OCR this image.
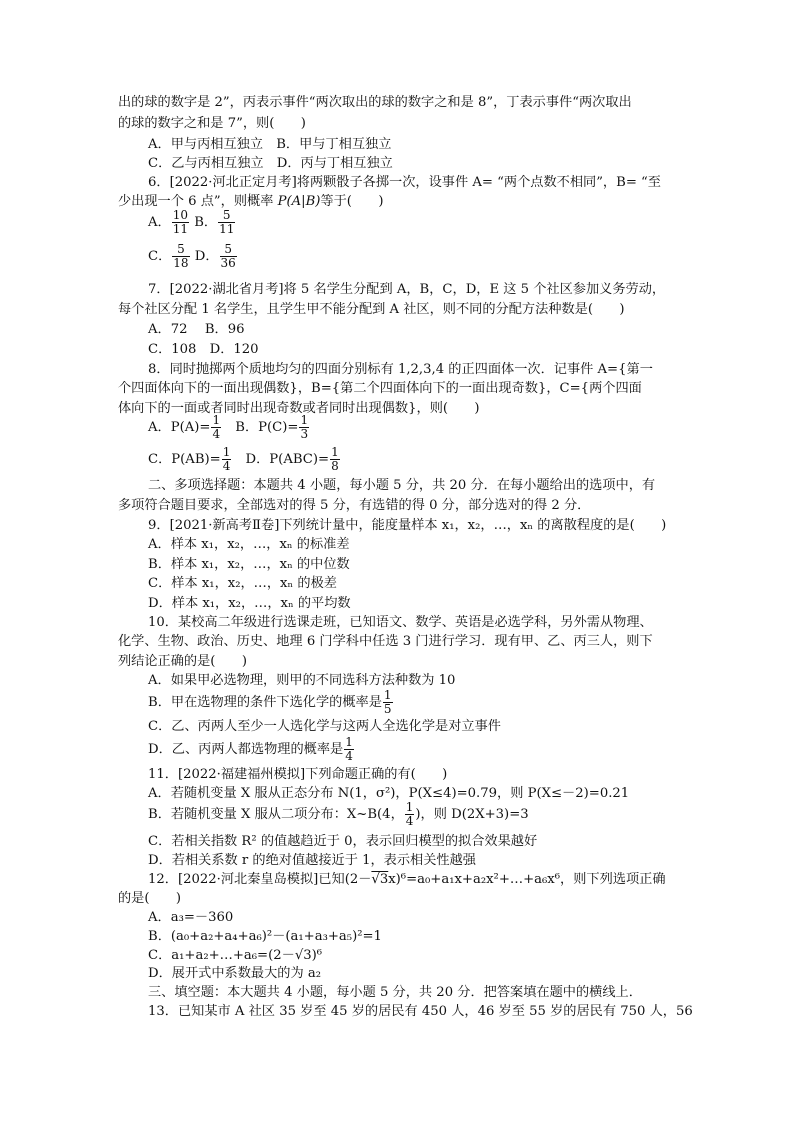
出的球的数字是 2”，丙表示事件“两次取出的球的数字之和是 8”，丁表示事件“两次取出
的球的数字之和是 7”，则(　　)
A．甲与丙相互独立　B．甲与丁相互独立
C．乙与丙相互独立　D．丙与丁相互独立
6．[2022·河北正定月考]将两颗骰子各掷一次，设事件 A= “两个点数不相同”，B= “至
少出现一个 6 点”，则概率 P(A|B)等于(　　)
A． $\frac{10}{11}$ B． $\frac{5}{11}$
C． $\frac{5}{18}$ D． $\frac{5}{36}$
7．[2022·湖北省月考]将 5 名学生分配到 A，B，C，D，E 这 5 个社区参加义务劳动，
每个社区分配 1 名学生，且学生甲不能分配到 A 社区，则不同的分配方法种数是(　　)
A．72　 B．96
C．108　D．120
8．同时抛掷两个质地均匀的四面分别标有 1,2,3,4 的正四面体一次．记事件 A={第一
个四面体向下的一面出现偶数}，B={第二个四面体向下的一面出现奇数}，C={两个四面
体向下的一面或者同时出现奇数或者同时出现偶数}，则(　　)
A．$P(A)= \frac{1}{4}$ 　B．$P(C)= \frac{1}{3}$
C．$P(AB)= \frac{1}{4}$ 　D．$P(ABC)= \frac{1}{8}$
二、多项选择题：本题共 4 小题，每小题 5 分，共 20 分．在每小题给出的选项中，有
多项符合题目要求，全部选对的得 5 分，有选错的得 0 分，部分选对的得 2 分．
9．[2021·新高考Ⅱ卷]下列统计量中，能度量样本 x₁，x₂，…，xₙ 的离散程度的是(　　)
A．样本 x₁，x₂，…，xₙ 的标准差
B．样本 x₁，x₂，…，xₙ 的中位数
C．样本 x₁，x₂，…，xₙ 的极差
D．样本 x₁，x₂，…，xₙ 的平均数
10．某校高二年级进行选课走班，已知语文、数学、英语是必选学科，另外需从物理、
化学、生物、政治、历史、地理 6 门学科中任选 3 门进行学习．现有甲、乙、丙三人，则下
列结论正确的是(　　)
A．如果甲必选物理，则甲的不同选科方法种数为 10
B．甲在选物理的条件下选化学的概率是 $\frac{1}{5}$
C．乙、丙两人至少一人选化学与这两人全选化学是对立事件
D．乙、丙两人都选物理的概率是 $\frac{1}{4}$
11．[2022·福建福州模拟]下列命题正确的有(　　)
A．若随机变量 X 服从正态分布 N(1，σ²)，P(X≤4)=0.79，则 P(X≤－2)=0.21
B．若随机变量 X 服从二项分布：X~B(4， $\frac{1}{4}$ )，则 D(2X+3)=3
C．若相关指数 R² 的值越趋近于 0，表示回归模型的拟合效果越好
D．若相关系数 r 的绝对值越接近于 1，表示相关性越强
12．[2022·河北秦皇岛模拟]已知(2－√3x)⁶=a₀+a₁x+a₂x²+…+a₆x⁶，则下列选项正确
的是(　　)
A．a₃=－360
B．(a₀+a₂+a₄+a₆)²－(a₁+a₃+a₅)²=1
C．a₁+a₂+…+a₆=(2－√3)⁶
D．展开式中系数最大的为 a₂
三、填空题：本大题共 4 小题，每小题 5 分，共 20 分．把答案填在题中的横线上．
13．已知某市 A 社区 35 岁至 45 岁的居民有 450 人，46 岁至 55 岁的居民有 750 人，56
